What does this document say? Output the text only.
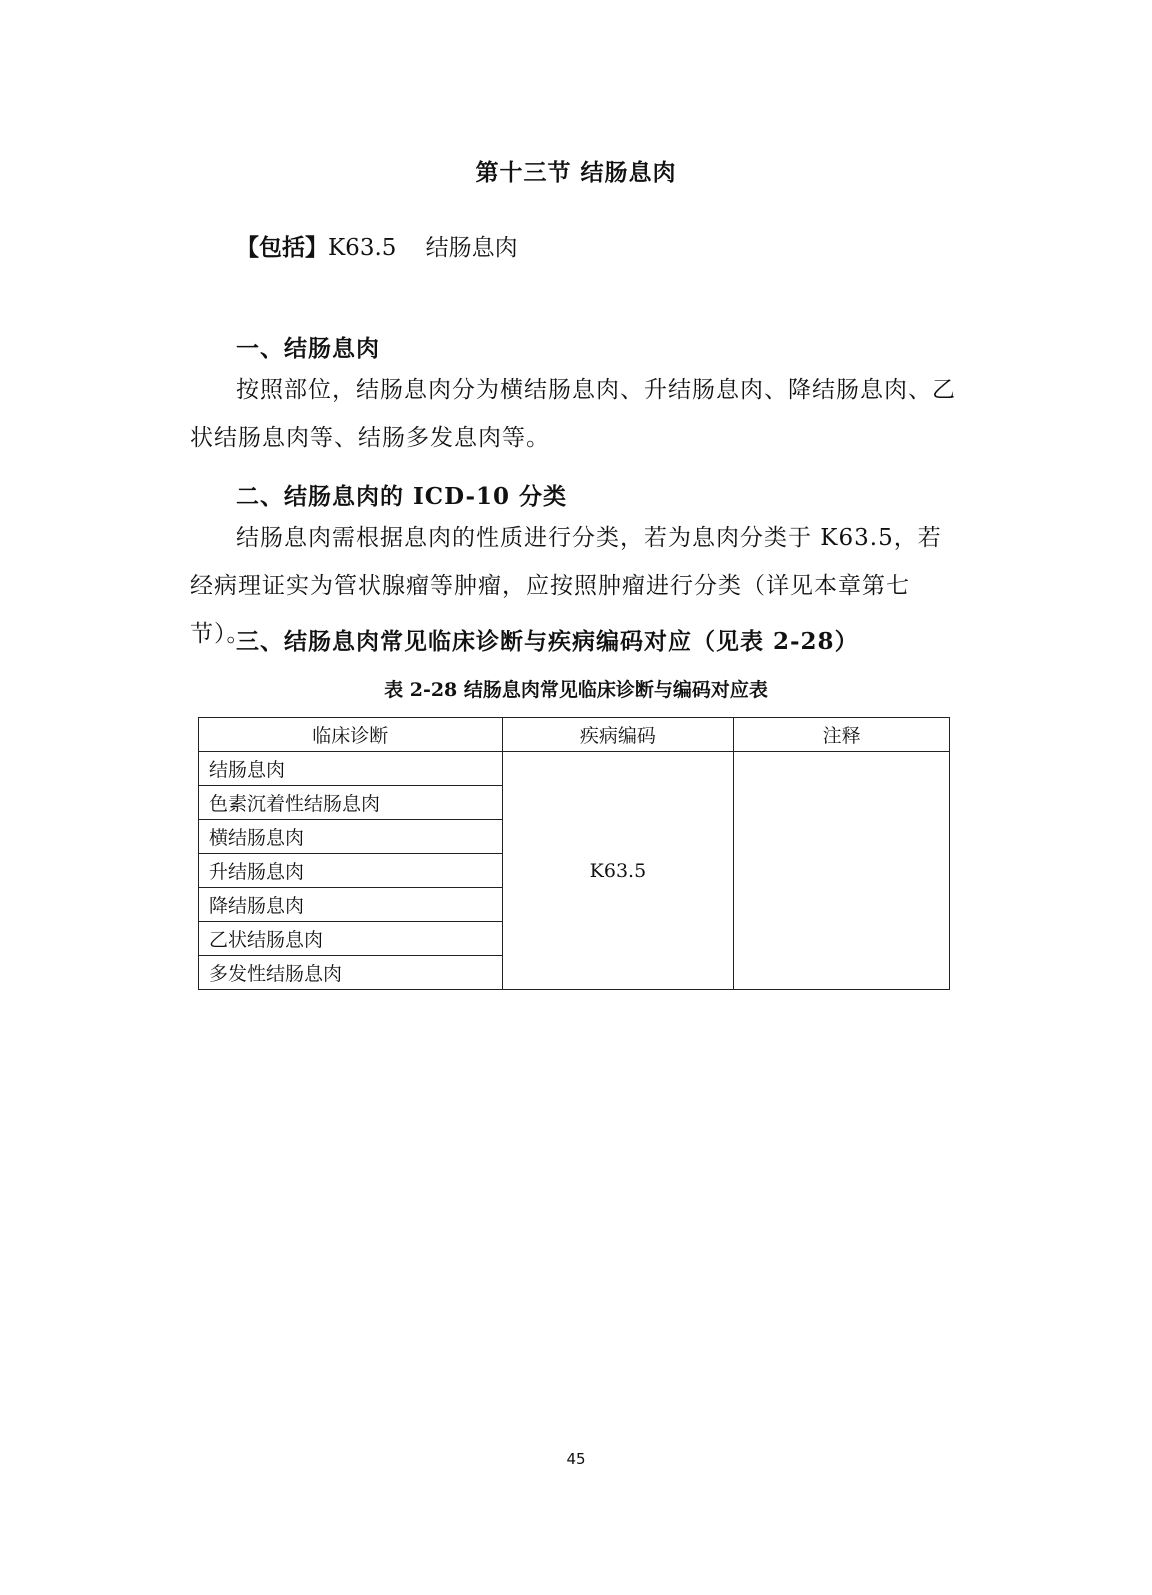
第十三节 结肠息肉
【包括】K63.5 结肠息肉
一、结肠息肉
按照部位，结肠息肉分为横结肠息肉、升结肠息肉、降结肠息肉、乙状结肠息肉等、结肠多发息肉等。
二、结肠息肉的 ICD-10 分类
结肠息肉需根据息肉的性质进行分类，若为息肉分类于 K63.5，若经病理证实为管状腺瘤等肿瘤，应按照肿瘤进行分类（详见本章第七节）。
三、结肠息肉常见临床诊断与疾病编码对应（见表 2-28）
表 2-28 结肠息肉常见临床诊断与编码对应表
临床诊断	疾病编码	注释
结肠息肉	K63.5	
色素沉着性结肠息肉		
横结肠息肉		
升结肠息肉		
降结肠息肉		
乙状结肠息肉		
多发性结肠息肉		
45
